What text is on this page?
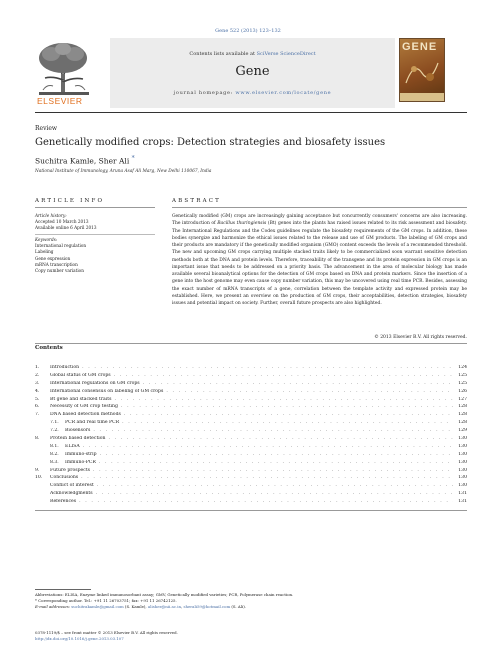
Gene 522 (2013) 123–132
ELSEVIER
Contents lists available at SciVerse ScienceDirect
Gene
journal homepage: www.elsevier.com/locate/gene
GENE
Review
Genetically modified crops: Detection strategies and biosafety issues
Suchitra Kamle, Sher Ali *
National Institute of Immunology, Aruna Asaf Ali Marg, New Delhi 110067, India
ARTICLE INFO	ABSTRACT
Article history:
Accepted 10 March 2013
Available online 6 April 2013
Keywords:
International regulation
Labeling
Gene expression
mRNA transcription
Copy number variation
Genetically modified (GM) crops are increasingly gaining acceptance but concurrently consumers' concerns are also increasing. The introduction of Bacillus thuringiensis (Bt) genes into the plants has raised issues related to its risk assessment and biosafety. The International Regulations and the Codex guidelines regulate the biosafety requirements of the GM crops. In addition, these bodies synergize and harmonize the ethical issues related to the release and use of GM products. The labeling of GM crops and their products are mandatory if the genetically modified organism (GMO) content exceeds the levels of a recommended threshold. The new and upcoming GM crops carrying multiple stacked traits likely to be commercialized soon warrant sensitive detection methods both at the DNA and protein levels. Therefore, traceability of the transgene and its protein expression in GM crops is an important issue that needs to be addressed on a priority basis. The advancement in the area of molecular biology has made available several bioanalytical options for the detection of GM crops based on DNA and protein markers. Since the insertion of a gene into the host genome may even cause copy number variation, this may be uncovered using real time PCR. Besides, assessing the exact number of mRNA transcripts of a gene, correlation between the template activity and expressed protein may be established. Here, we present an overview on the production of GM crops, their acceptabilities, detection strategies, biosafety issues and potential impact on society. Further, overall future prospects are also highlighted.
© 2013 Elsevier B.V. All rights reserved.
Contents
1.	Introduction . . .	124
2.	Global status of GM crops . . .	125
3.	International regulations on GM crops . . .	125
4.	International consensus on labeling of GM crops . . .	126
5.	Bt gene and stacked traits . . .	127
6.	Necessity of GM crop testing . . .	128
7.	DNA based detection methods . . .	128
7.1.	PCR and real time PCR . . .	128
7.2.	Biosensors . . .	129
8.	Protein based detection . . .	130
8.1.	ELISA . . .	130
8.2.	Immuno-strip . . .	130
8.3.	Immuno-PCR . . .	130
9.	Future prospects . . .	130
10.	Conclusions . . .	130
Conflict of interest . . .	130
Acknowledgments . . .	131
References . . .	131
Abbreviations: ELISA, Enzyme linked immunosorbant assay; GMV, Genetically modified varieties; PCR, Polymerase chain reaction.
* Corresponding author. Tel.: +91 11 26703751; fax: +91 11 26742125.
E-mail addresses: suchitrakamle@gmail.com (S. Kamle), alisher@nii.ac.in, sherali59@hotmail.com (S. Ali).
0378-1119/$ – see front matter © 2013 Elsevier B.V. All rights reserved.
http://dx.doi.org/10.1016/j.gene.2013.03.107
